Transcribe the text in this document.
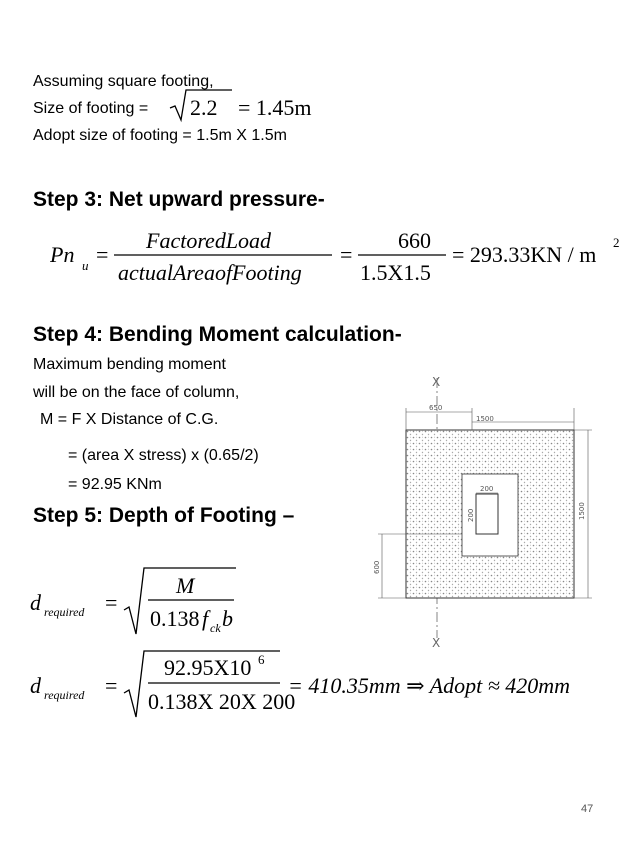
Assuming square footing,
Size of footing = 2.2 = 1.45m
Adopt size of footing = 1.5m X 1.5m
Step 3: Net upward pressure-
Pn u =
FactoredLoad
actualAreaofFooting
=
660
1.5X1.5
= 293.33KN / m 2
Step 4: Bending Moment calculation-
Maximum bending moment
will be on the face of column,
M = F X Distance of C.G.
= (area X stress) x (0.65/2)
= 92.95 KNm
Step 5: Depth of Footing –
d required =
M
0.138 f ck b
d required =
92.95X10 6
0.138X 20X 200
= 410.35mm ⇒ Adopt ≈ 420mm
X
X
650
1500
1500
200
200
600
47
